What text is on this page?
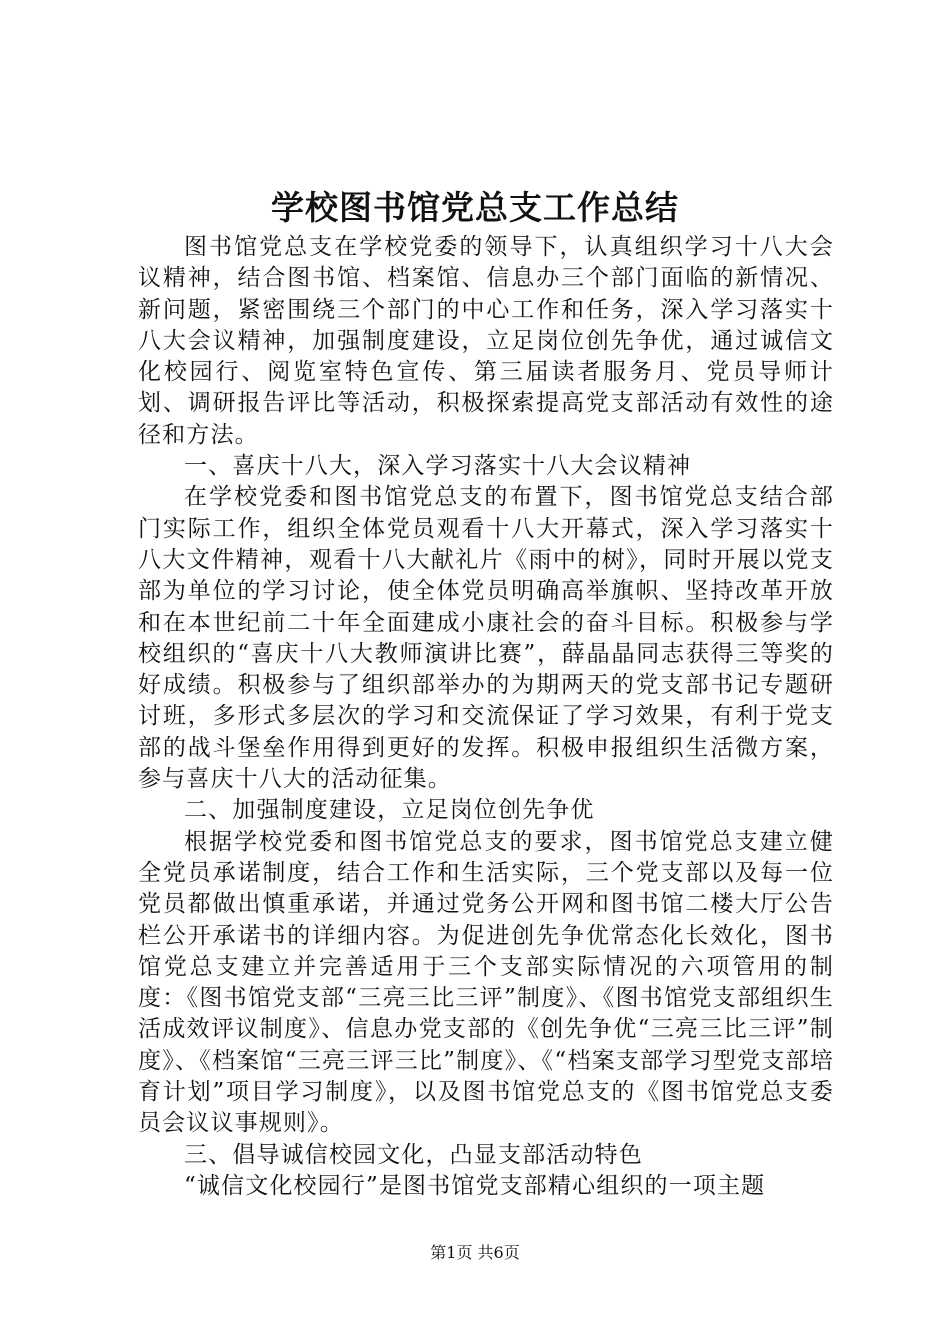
学校图书馆党总支工作总结

图书馆党总支在学校党委的领导下，认真组织学习十八大会议精神，结合图书馆、档案馆、信息办三个部门面临的新情况、新问题，紧密围绕三个部门的中心工作和任务，深入学习落实十八大会议精神，加强制度建设，立足岗位创先争优，通过诚信文化校园行、阅览室特色宣传、第三届读者服务月、党员导师计划、调研报告评比等活动，积极探索提高党支部活动有效性的途径和方法。

一、喜庆十八大，深入学习落实十八大会议精神

在学校党委和图书馆党总支的布置下，图书馆党总支结合部门实际工作，组织全体党员观看十八大开幕式，深入学习落实十八大文件精神，观看十八大献礼片《雨中的树》，同时开展以党支部为单位的学习讨论，使全体党员明确高举旗帜、坚持改革开放和在本世纪前二十年全面建成小康社会的奋斗目标。积极参与学校组织的“喜庆十八大教师演讲比赛”，薛晶晶同志获得三等奖的好成绩。积极参与了组织部举办的为期两天的党支部书记专题研讨班，多形式多层次的学习和交流保证了学习效果，有利于党支部的战斗堡垒作用得到更好的发挥。积极申报组织生活微方案，参与喜庆十八大的活动征集。

二、加强制度建设，立足岗位创先争优

根据学校党委和图书馆党总支的要求，图书馆党总支建立健全党员承诺制度，结合工作和生活实际，三个党支部以及每一位党员都做出慎重承诺，并通过党务公开网和图书馆二楼大厅公告栏公开承诺书的详细内容。为促进创先争优常态化长效化，图书馆党总支建立并完善适用于三个支部实际情况的六项管用的制度：《图书馆党支部“三亮三比三评”制度》、《图书馆党支部组织生活成效评议制度》、信息办党支部的《创先争优“三亮三比三评”制度》、《档案馆“三亮三评三比”制度》、《“档案支部学习型党支部培育计划”项目学习制度》，以及图书馆党总支的《图书馆党总支委员会议议事规则》。

三、倡导诚信校园文化，凸显支部活动特色

“诚信文化校园行”是图书馆党支部精心组织的一项主题

第1页 共6页
